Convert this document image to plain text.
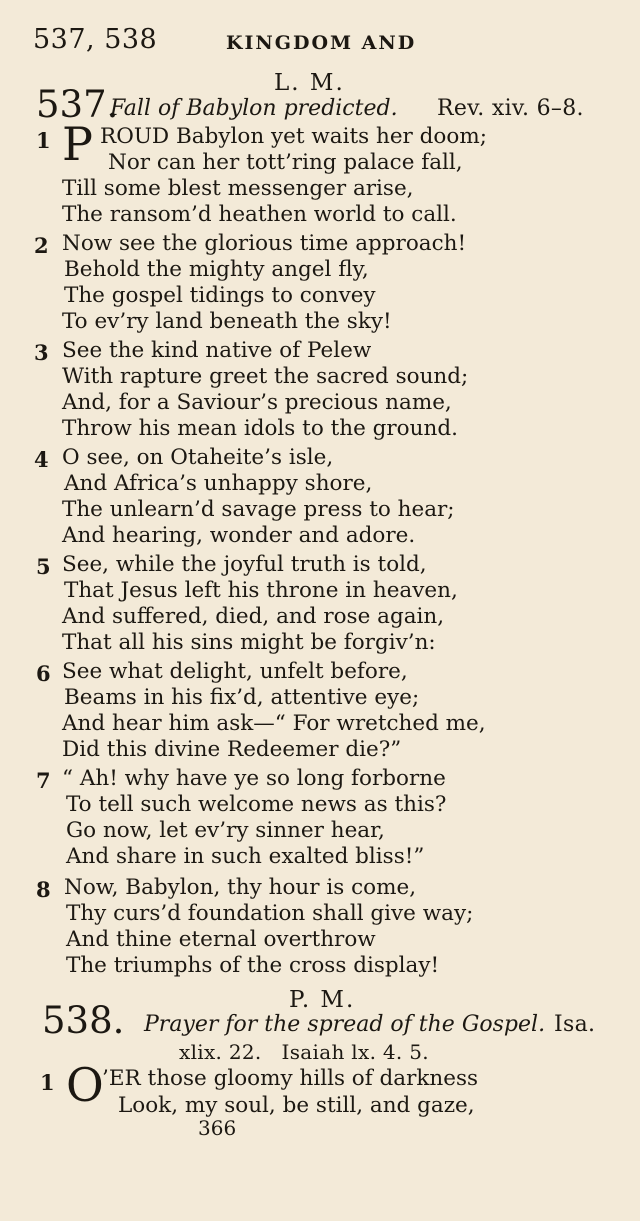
537, 538	KINGDOM AND
L. M.
537.
Fall of Babylon predicted. Rev. xiv. 6–8.
1 P ROUD Babylon yet waits her doom;
Nor can her tott’ring palace fall,
Till some blest messenger arise,
The ransom’d heathen world to call.
2 Now see the glorious time approach!
Behold the mighty angel fly,
The gospel tidings to convey
To ev’ry land beneath the sky!
3 See the kind native of Pelew
With rapture greet the sacred sound;
And, for a Saviour’s precious name,
Throw his mean idols to the ground.
4 O see, on Otaheite’s isle,
And Africa’s unhappy shore,
The unlearn’d savage press to hear;
And hearing, wonder and adore.
5 See, while the joyful truth is told,
That Jesus left his throne in heaven,
And suffered, died, and rose again,
That all his sins might be forgiv’n:
6 See what delight, unfelt before,
Beams in his fix’d, attentive eye;
And hear him ask—“ For wretched me,
Did this divine Redeemer die?”
7 “ Ah! why have ye so long forborne
To tell such welcome news as this?
Go now, let ev’ry sinner hear,
And share in such exalted bliss!”
8 Now, Babylon, thy hour is come,
Thy curs’d foundation shall give way;
And thine eternal overthrow
The triumphs of the cross display!
P. M.
538. Prayer for the spread of the Gospel. Isa.
xlix. 22.   Isaiah lx. 4. 5.
1 O
’ER those gloomy hills of darkness
Look, my soul, be still, and gaze,
366
